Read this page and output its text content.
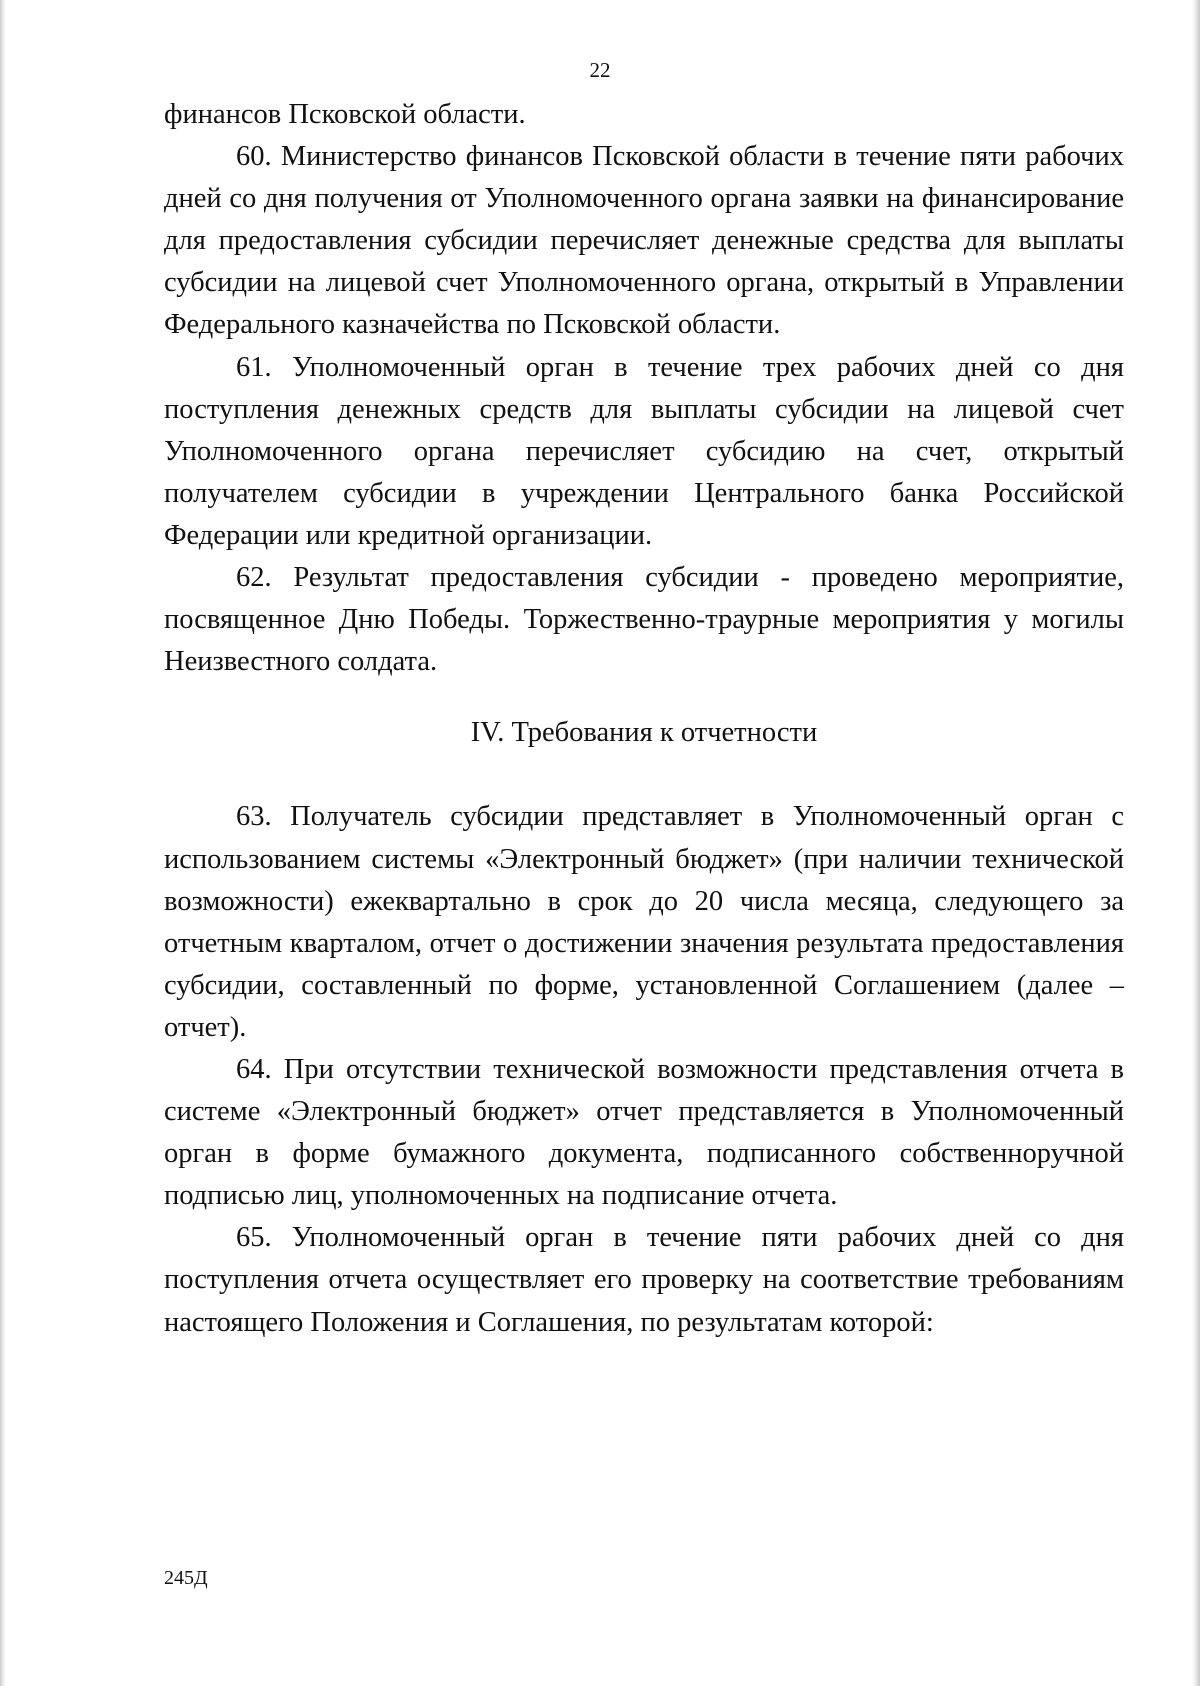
22

финансов Псковской области.

60. Министерство финансов Псковской области в течение пяти рабочих дней со дня получения от Уполномоченного органа заявки на финансирование для предоставления субсидии перечисляет денежные средства для выплаты субсидии на лицевой счет Уполномоченного органа, открытый в Управлении Федерального казначейства по Псковской области.

61. Уполномоченный орган в течение трех рабочих дней со дня поступления денежных средств для выплаты субсидии на лицевой счет Уполномоченного органа перечисляет субсидию на счет, открытый получателем субсидии в учреждении Центрального банка Российской Федерации или кредитной организации.

62. Результат предоставления субсидии - проведено мероприятие, посвященное Дню Победы. Торжественно-траурные мероприятия у могилы Неизвестного солдата.

IV. Требования к отчетности

63. Получатель субсидии представляет в Уполномоченный орган с использованием системы «Электронный бюджет» (при наличии технической возможности) ежеквартально в срок до 20 числа месяца, следующего за отчетным кварталом, отчет о достижении значения результата предоставления субсидии, составленный по форме, установленной Соглашением (далее – отчет).

64. При отсутствии технической возможности представления отчета в системе «Электронный бюджет» отчет представляется в Уполномоченный орган в форме бумажного документа, подписанного собственноручной подписью лиц, уполномоченных на подписание отчета.

65. Уполномоченный орган в течение пяти рабочих дней со дня поступления отчета осуществляет его проверку на соответствие требованиям настоящего Положения и Соглашения, по результатам которой:

245Д
